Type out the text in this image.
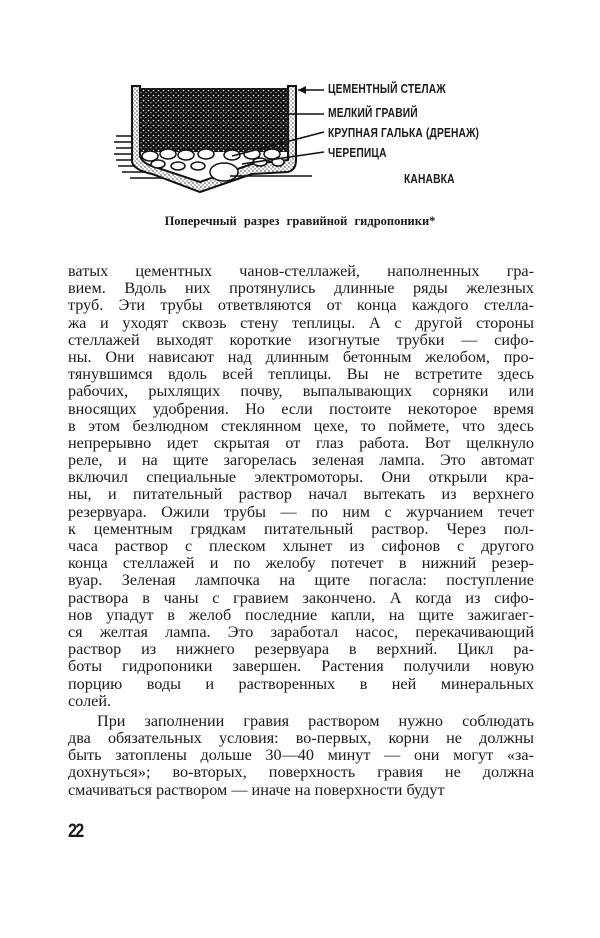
ЦЕМЕНТНЫЙ СТЕЛАЖ
МЕЛКИЙ ГРАВИЙ
КРУПНАЯ ГАЛЬКА (ДРЕНАЖ)
ЧЕРЕПИЦА
КАНАВКА
Поперечный разрез гравийной гидропоники*
ватых цементных чанов-стеллажей, наполненных гра-
вием. Вдоль них протянулись длинные ряды железных
труб. Эти трубы ответвляются от конца каждого стелла-
жа и уходят сквозь стену теплицы. А с другой стороны
стеллажей выходят короткие изогнутые трубки — сифо-
ны. Они нависают над длинным бетонным желобом, про-
тянувшимся вдоль всей теплицы. Вы не встретите здесь
рабочих, рыхлящих почву, выпалывающих сорняки или
вносящих удобрения. Но если постоите некоторое время
в этом безлюдном стеклянном цехе, то поймете, что здесь
непрерывно идет скрытая от глаз работа. Вот щелкнуло
реле, и на щите загорелась зеленая лампа. Это автомат
включил специальные электромоторы. Они открыли кра-
ны, и питательный раствор начал вытекать из верхнего
резервуара. Ожили трубы — по ним с журчанием течет
к цементным грядкам питательный раствор. Через пол-
часа раствор с плеском хлынет из сифонов с другого
конца стеллажей и по желобу потечет в нижний резер-
вуар. Зеленая лампочка на щите погасла: поступление
раствора в чаны с гравием закончено. А когда из сифо-
нов упадут в желоб последние капли, на щите зажигаег-
ся желтая лампа. Это заработал насос, перекачивающий
раствор из нижнего резервуара в верхний. Цикл ра-
боты гидропоники завершен. Растения получили новую
порцию воды и растворенных в ней минеральных
солей.
При заполнении гравия раствором нужно соблюдать
два обязательных условия: во-первых, корни не должны
быть затоплены дольше 30—40 минут — они могут «за-
дохнуться»; во-вторых, поверхность гравия не должна
смачиваться раствором — иначе на поверхности будут
22
